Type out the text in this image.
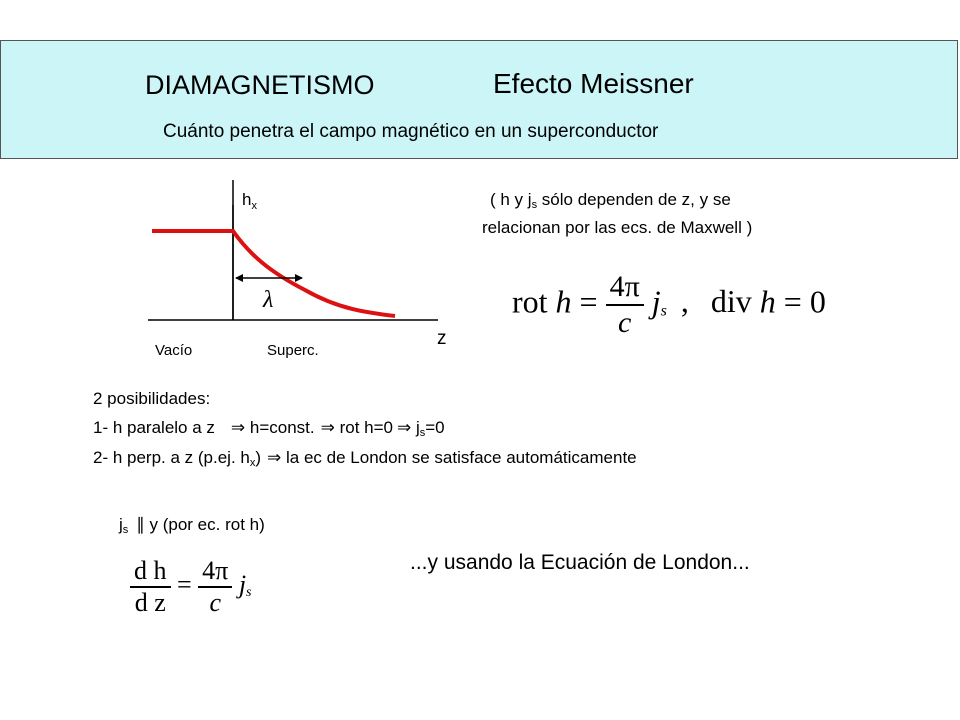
DIAMAGNETISMO	Efecto Meissner
Cuánto penetra el campo magnético en un superconductor
$h_x$
λ
z
Vacío	Superc.
( h y $j_s$ sólo dependen de z, y se
relacionan por las ecs. de Maxwell )
rot $h = \frac{4\pi}{c} j_s$ , div h = 0
2 posibilidades:
1- h paralelo a z ⇒ h=const. ⇒ rot h=0 ⇒ $j_s=0$
2- h perp. a z (p.ej. $h_x$) ⇒ la ec de London se satisface automáticamente
$j_s$ ∥ y (por ec. rot h)
...y usando la Ecuación de London...
$\frac{\text{d h}}{\text{d z}} = \frac{4\pi}{c} j_s$
